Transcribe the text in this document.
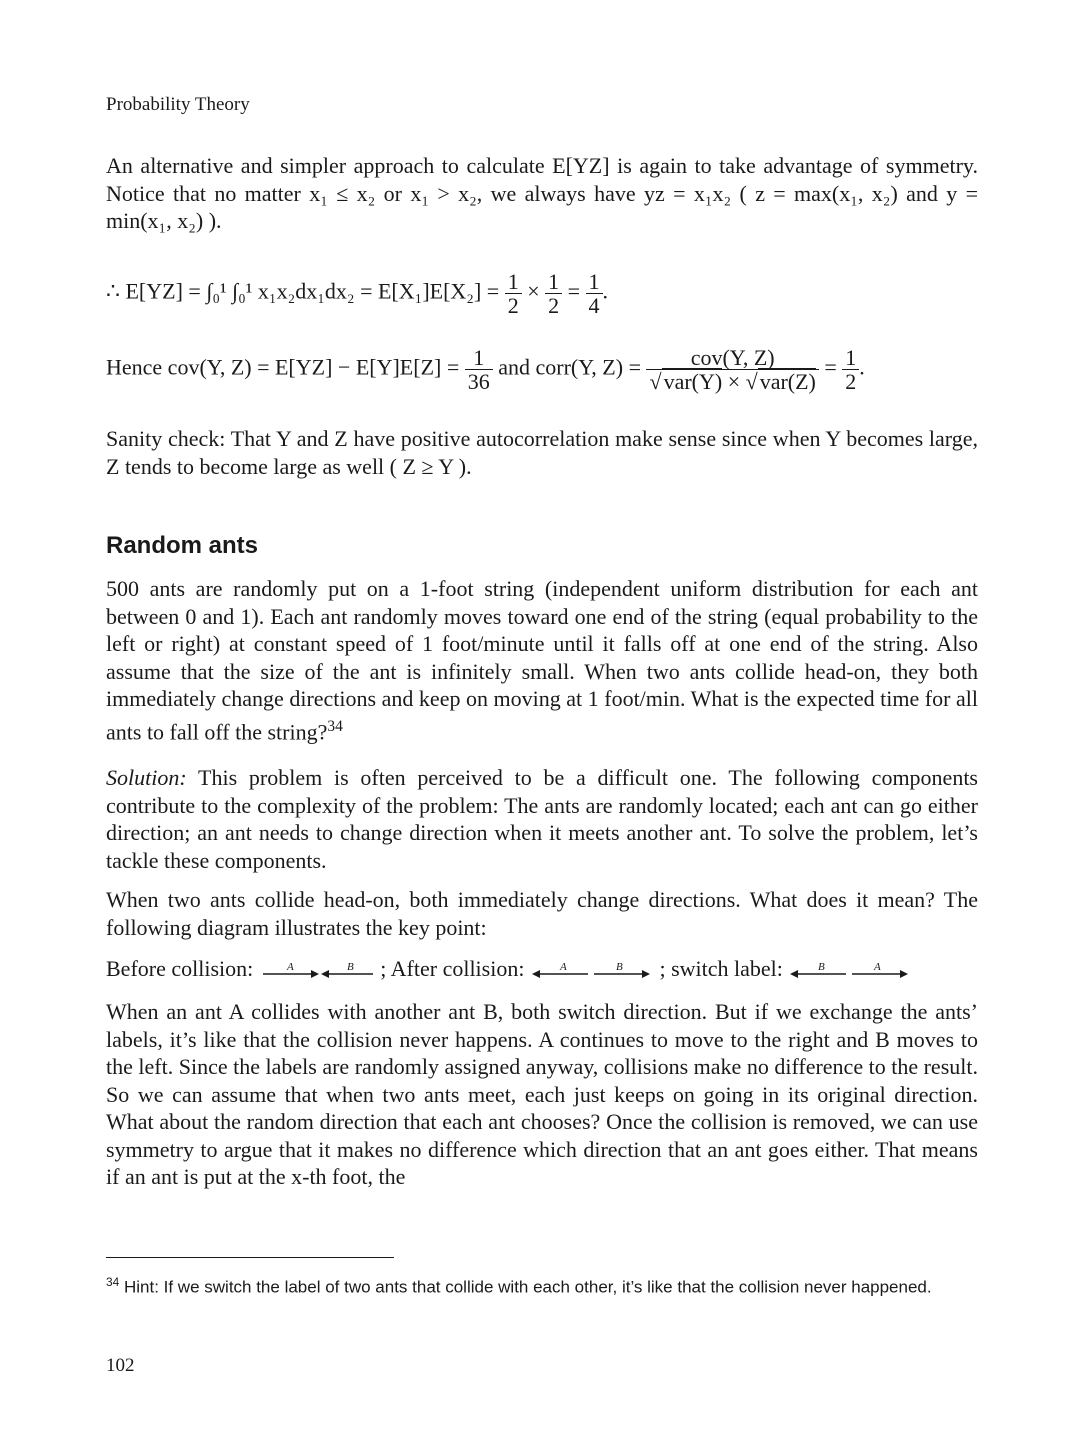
Probability Theory

An alternative and simpler approach to calculate E[YZ] is again to take advantage of symmetry. Notice that no matter x₁ ≤ x₂ or x₁ > x₂, we always have yz = x₁x₂ ( z = max(x₁, x₂) and y = min(x₁, x₂) ).

∴ E[YZ] = ∫₀¹ ∫₀¹ $x_1x_2dx_1dx_2 = E[X_1]E[X_2] = \frac{1}{2} \times \frac{1}{2} = \frac{1}{4}$ .
Hence cov(Y, $Z) = E[YZ] - E[Y]E[Z] = \frac{1}{36}$ and corr(Y, $Z) = \frac{\text{cov(Y, Z)}}{\text{√var(Y) × √var(Z)}} = \frac{1}{2}$ .

Sanity check: That Y and Z have positive autocorrelation make sense since when Y becomes large, Z tends to become large as well ( Z ≥ Y ).

Random ants

500 ants are randomly put on a 1-foot string (independent uniform distribution for each ant between 0 and 1). Each ant randomly moves toward one end of the string (equal probability to the left or right) at constant speed of 1 foot/minute until it falls off at one end of the string. Also assume that the size of the ant is infinitely small. When two ants collide head-on, they both immediately change directions and keep on moving at 1 foot/min. What is the expected time for all ants to fall off the string?$^{34}$

Solution: This problem is often perceived to be a difficult one. The following components contribute to the complexity of the problem: The ants are randomly located; each ant can go either direction; an ant needs to change direction when it meets another ant. To solve the problem, let’s tackle these components.

When two ants collide head-on, both immediately change directions. What does it mean? The following diagram illustrates the key point:

Before collision:	A	B ; After collision:	A	B ; switch label:	B	A

When an ant A collides with another ant B, both switch direction. But if we exchange the ants’ labels, it’s like that the collision never happens. A continues to move to the right and B moves to the left. Since the labels are randomly assigned anyway, collisions make no difference to the result. So we can assume that when two ants meet, each just keeps on going in its original direction. What about the random direction that each ant chooses? Once the collision is removed, we can use symmetry to argue that it makes no difference which direction that an ant goes either. That means if an ant is put at the x-th foot, the

$^{34}$ Hint: If we switch the label of two ants that collide with each other, it’s like that the collision never happened.

102
